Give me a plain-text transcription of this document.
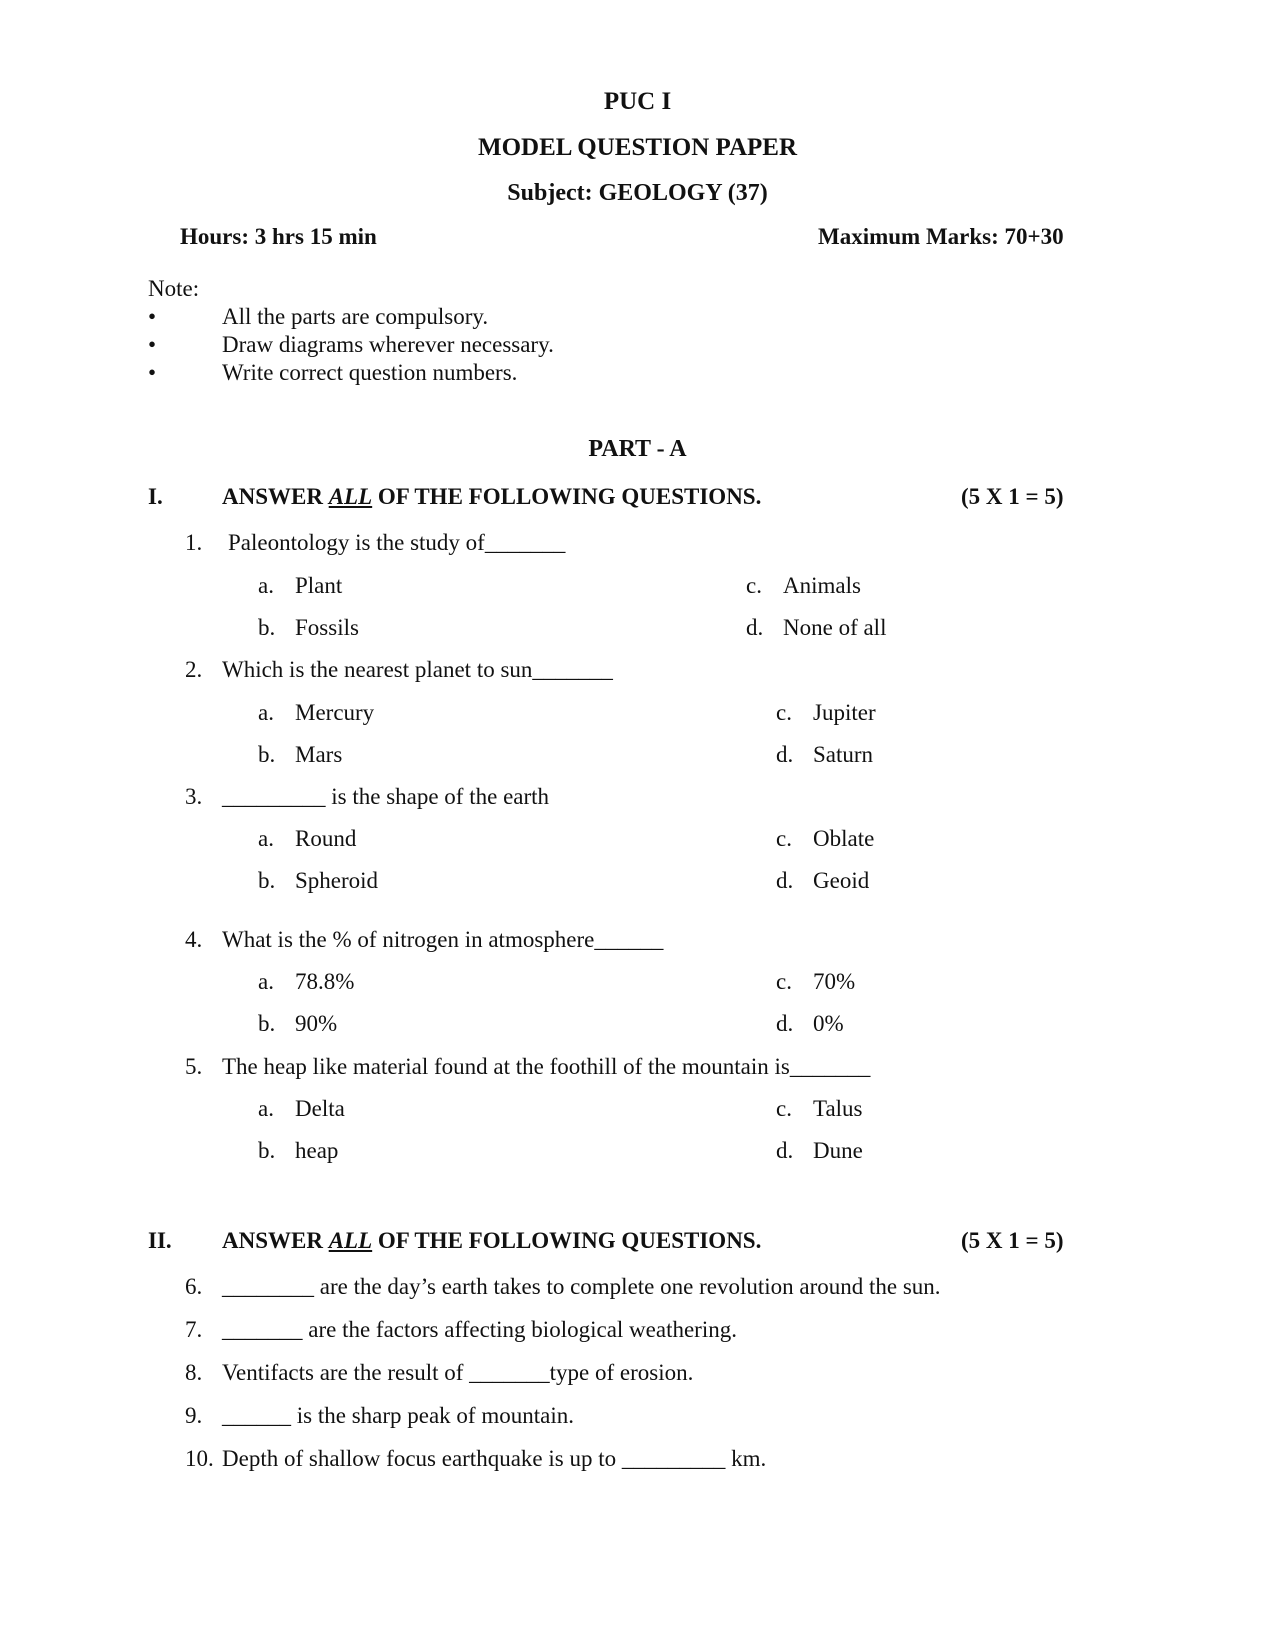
PUC I
MODEL QUESTION PAPER
Subject: GEOLOGY (37)
Hours: 3 hrs 15 min	Maximum Marks: 70+30
Note:
•	All the parts are compulsory.
•	Draw diagrams wherever necessary.
•	Write correct question numbers.
PART - A
I.	ANSWER ALL OF THE FOLLOWING QUESTIONS.	(5 X 1 = 5)
1. Paleontology is the study of_______
a. Plant
b. Fossils
c. Animals
d. None of all
2. Which is the nearest planet to sun_______
a. Mercury
b. Mars
c. Jupiter
d. Saturn
3. _________ is the shape of the earth
a. Round
b. Spheroid
c. Oblate
d. Geoid
4. What is the % of nitrogen in atmosphere______
a. 78.8%
b. 90%
c. 70%
d. 0%
5. The heap like material found at the foothill of the mountain is_______
a. Delta
b. heap
c. Talus
d. Dune
II. ANSWER ALL OF THE FOLLOWING QUESTIONS.	(5 X 1 = 5)
6. ________ are the day’s earth takes to complete one revolution around the sun.
7. _______ are the factors affecting biological weathering.
8. Ventifacts are the result of _______type of erosion.
9. ______ is the sharp peak of mountain.
10. Depth of shallow focus earthquake is up to _________ km.
